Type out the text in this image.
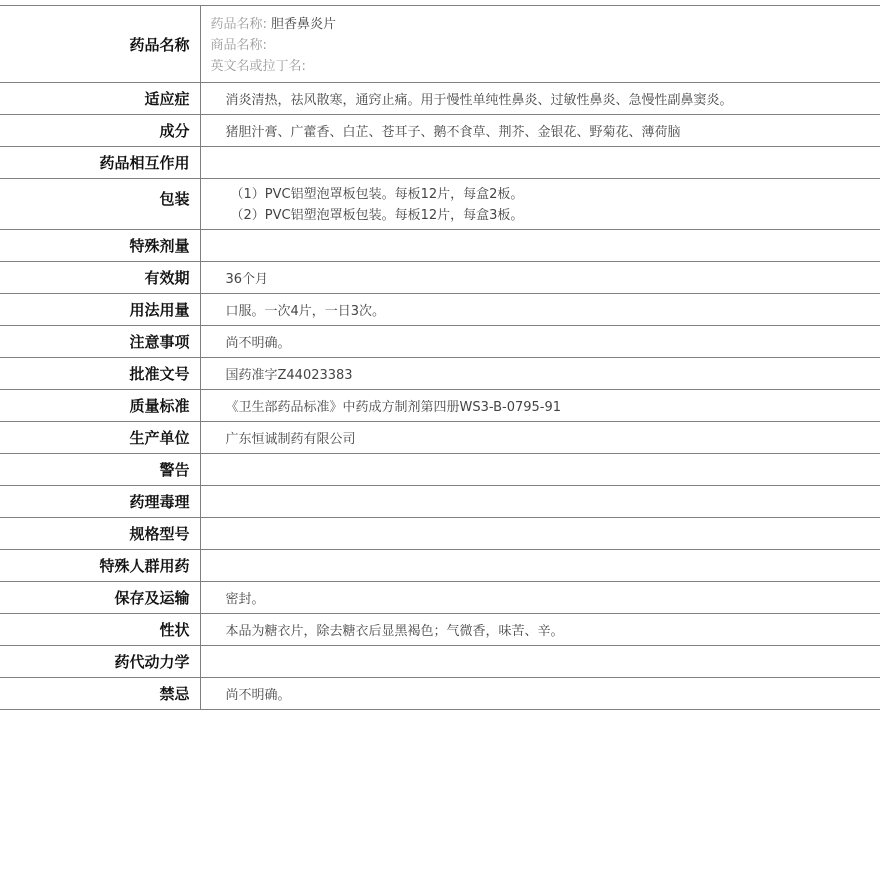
药品名称	药品名称: 胆香鼻炎片
商品名称:
英文名或拉丁名:

适应症	消炎清热，祛风散寒，通窍止痛。用于慢性单纯性鼻炎、过敏性鼻炎、急慢性副鼻窦炎。
成分	猪胆汁膏、广藿香、白芷、苍耳子、鹅不食草、荆芥、金银花、野菊花、薄荷脑
药品相互作用	
包装	（1）PVC铝塑泡罩板包装。每板12片，每盒2板。
（2）PVC铝塑泡罩板包装。每板12片，每盒3板。

特殊剂量	
有效期	36个月
用法用量	口服。一次4片，一日3次。
注意事项	尚不明确。
批准文号	国药准字Z44023383
质量标准	《卫生部药品标准》中药成方制剂第四册WS3-B-0795-91
生产单位	广东恒诚制药有限公司
警告	
药理毒理	
规格型号	
特殊人群用药	
保存及运输	密封。
性状	本品为糖衣片，除去糖衣后显黑褐色；气微香，味苦、辛。
药代动力学	
禁忌	尚不明确。
